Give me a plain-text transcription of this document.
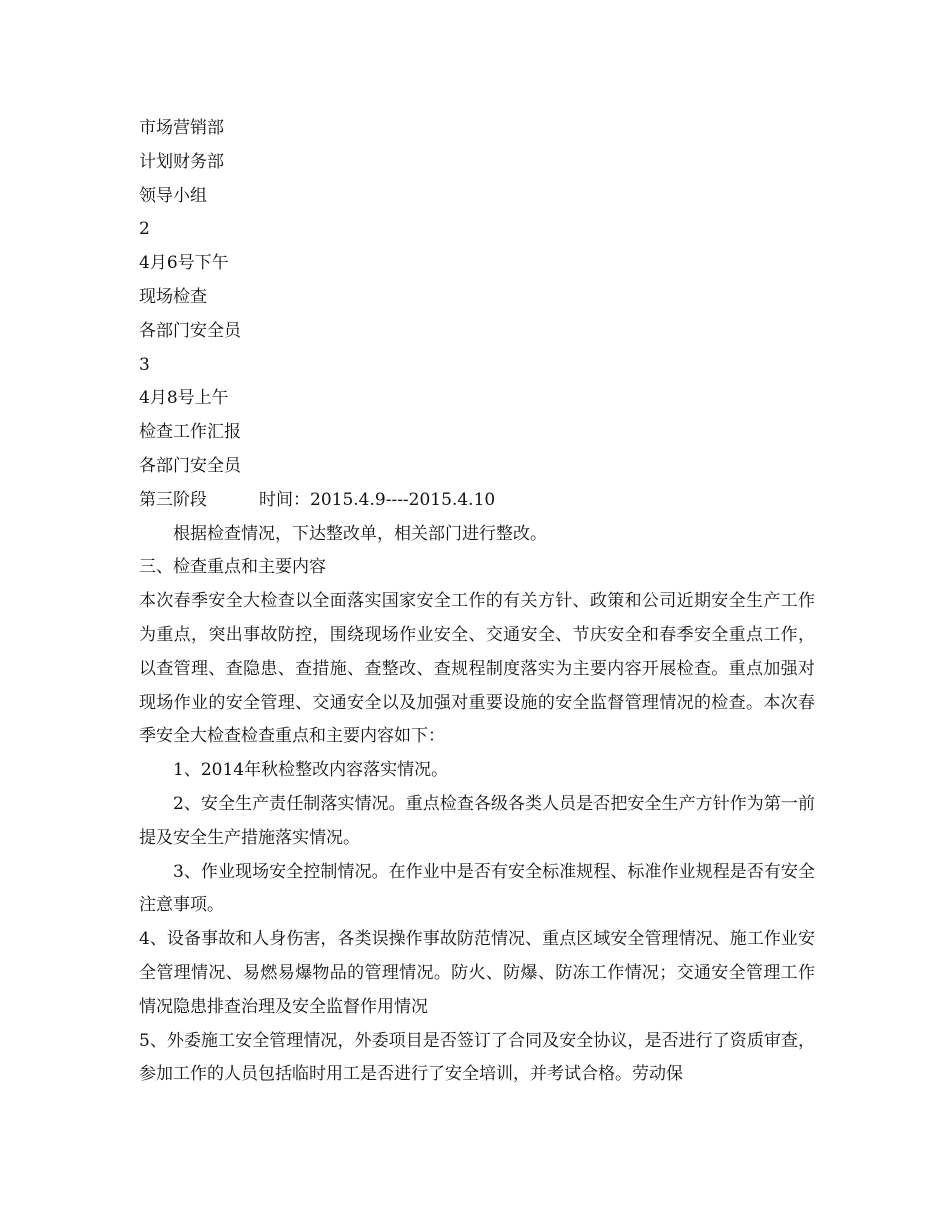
市场营销部
计划财务部
领导小组
2
4月6号下午
现场检查
各部门安全员
3
4月8号上午
检查工作汇报
各部门安全员
第三阶段	时间：2015.4.9----2015.4.10

根据检查情况，下达整改单，相关部门进行整改。

三、检查重点和主要内容

本次春季安全大检查以全面落实国家安全工作的有关方针、政策和公司近期安全生产工作为重点，突出事故防控，围绕现场作业安全、交通安全、节庆安全和春季安全重点工作，以查管理、查隐患、查措施、查整改、查规程制度落实为主要内容开展检查。重点加强对现场作业的安全管理、交通安全以及加强对重要设施的安全监督管理情况的检查。本次春季安全大检查检查重点和主要内容如下：

1、2014年秋检整改内容落实情况。

2、安全生产责任制落实情况。重点检查各级各类人员是否把安全生产方针作为第一前提及安全生产措施落实情况。

3、作业现场安全控制情况。在作业中是否有安全标准规程、标准作业规程是否有安全注意事项。

4、设备事故和人身伤害，各类误操作事故防范情况、重点区域安全管理情况、施工作业安全管理情况、易燃易爆物品的管理情况。防火、防爆、防冻工作情况；交通安全管理工作情况隐患排查治理及安全监督作用情况

5、外委施工安全管理情况，外委项目是否签订了合同及安全协议，是否进行了资质审查，参加工作的人员包括临时用工是否进行了安全培训，并考试合格。劳动保
